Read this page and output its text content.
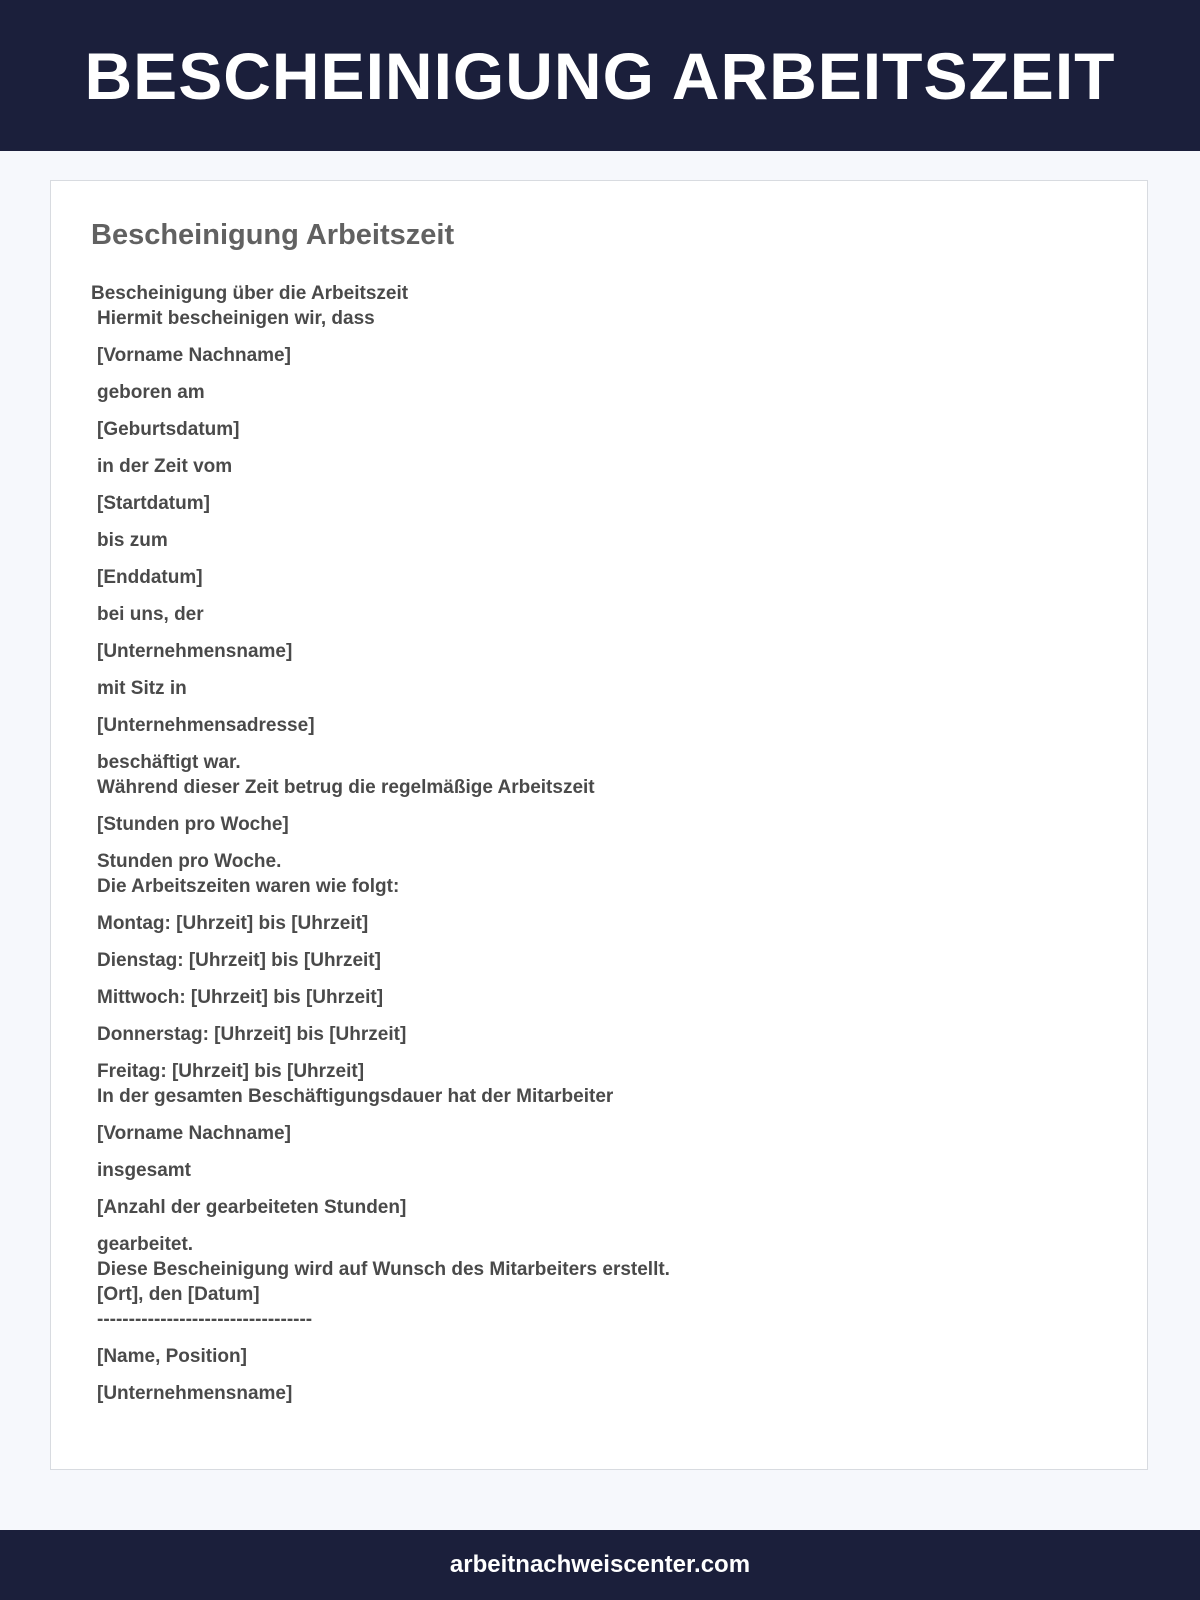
BESCHEINIGUNG ARBEITSZEIT
Bescheinigung Arbeitszeit
Bescheinigung über die Arbeitszeit
Hiermit bescheinigen wir, dass
[Vorname Nachname]
geboren am
[Geburtsdatum]
in der Zeit vom
[Startdatum]
bis zum
[Enddatum]
bei uns, der
[Unternehmensname]
mit Sitz in
[Unternehmensadresse]
beschäftigt war.
Während dieser Zeit betrug die regelmäßige Arbeitszeit
[Stunden pro Woche]
Stunden pro Woche.
Die Arbeitszeiten waren wie folgt:
Montag: [Uhrzeit] bis [Uhrzeit]
Dienstag: [Uhrzeit] bis [Uhrzeit]
Mittwoch: [Uhrzeit] bis [Uhrzeit]
Donnerstag: [Uhrzeit] bis [Uhrzeit]
Freitag: [Uhrzeit] bis [Uhrzeit]
In der gesamten Beschäftigungsdauer hat der Mitarbeiter
[Vorname Nachname]
insgesamt
[Anzahl der gearbeiteten Stunden]
gearbeitet.
Diese Bescheinigung wird auf Wunsch des Mitarbeiters erstellt.
[Ort], den [Datum]
----------------------------------
[Name, Position]
[Unternehmensname]
arbeitnachweiscenter.com
